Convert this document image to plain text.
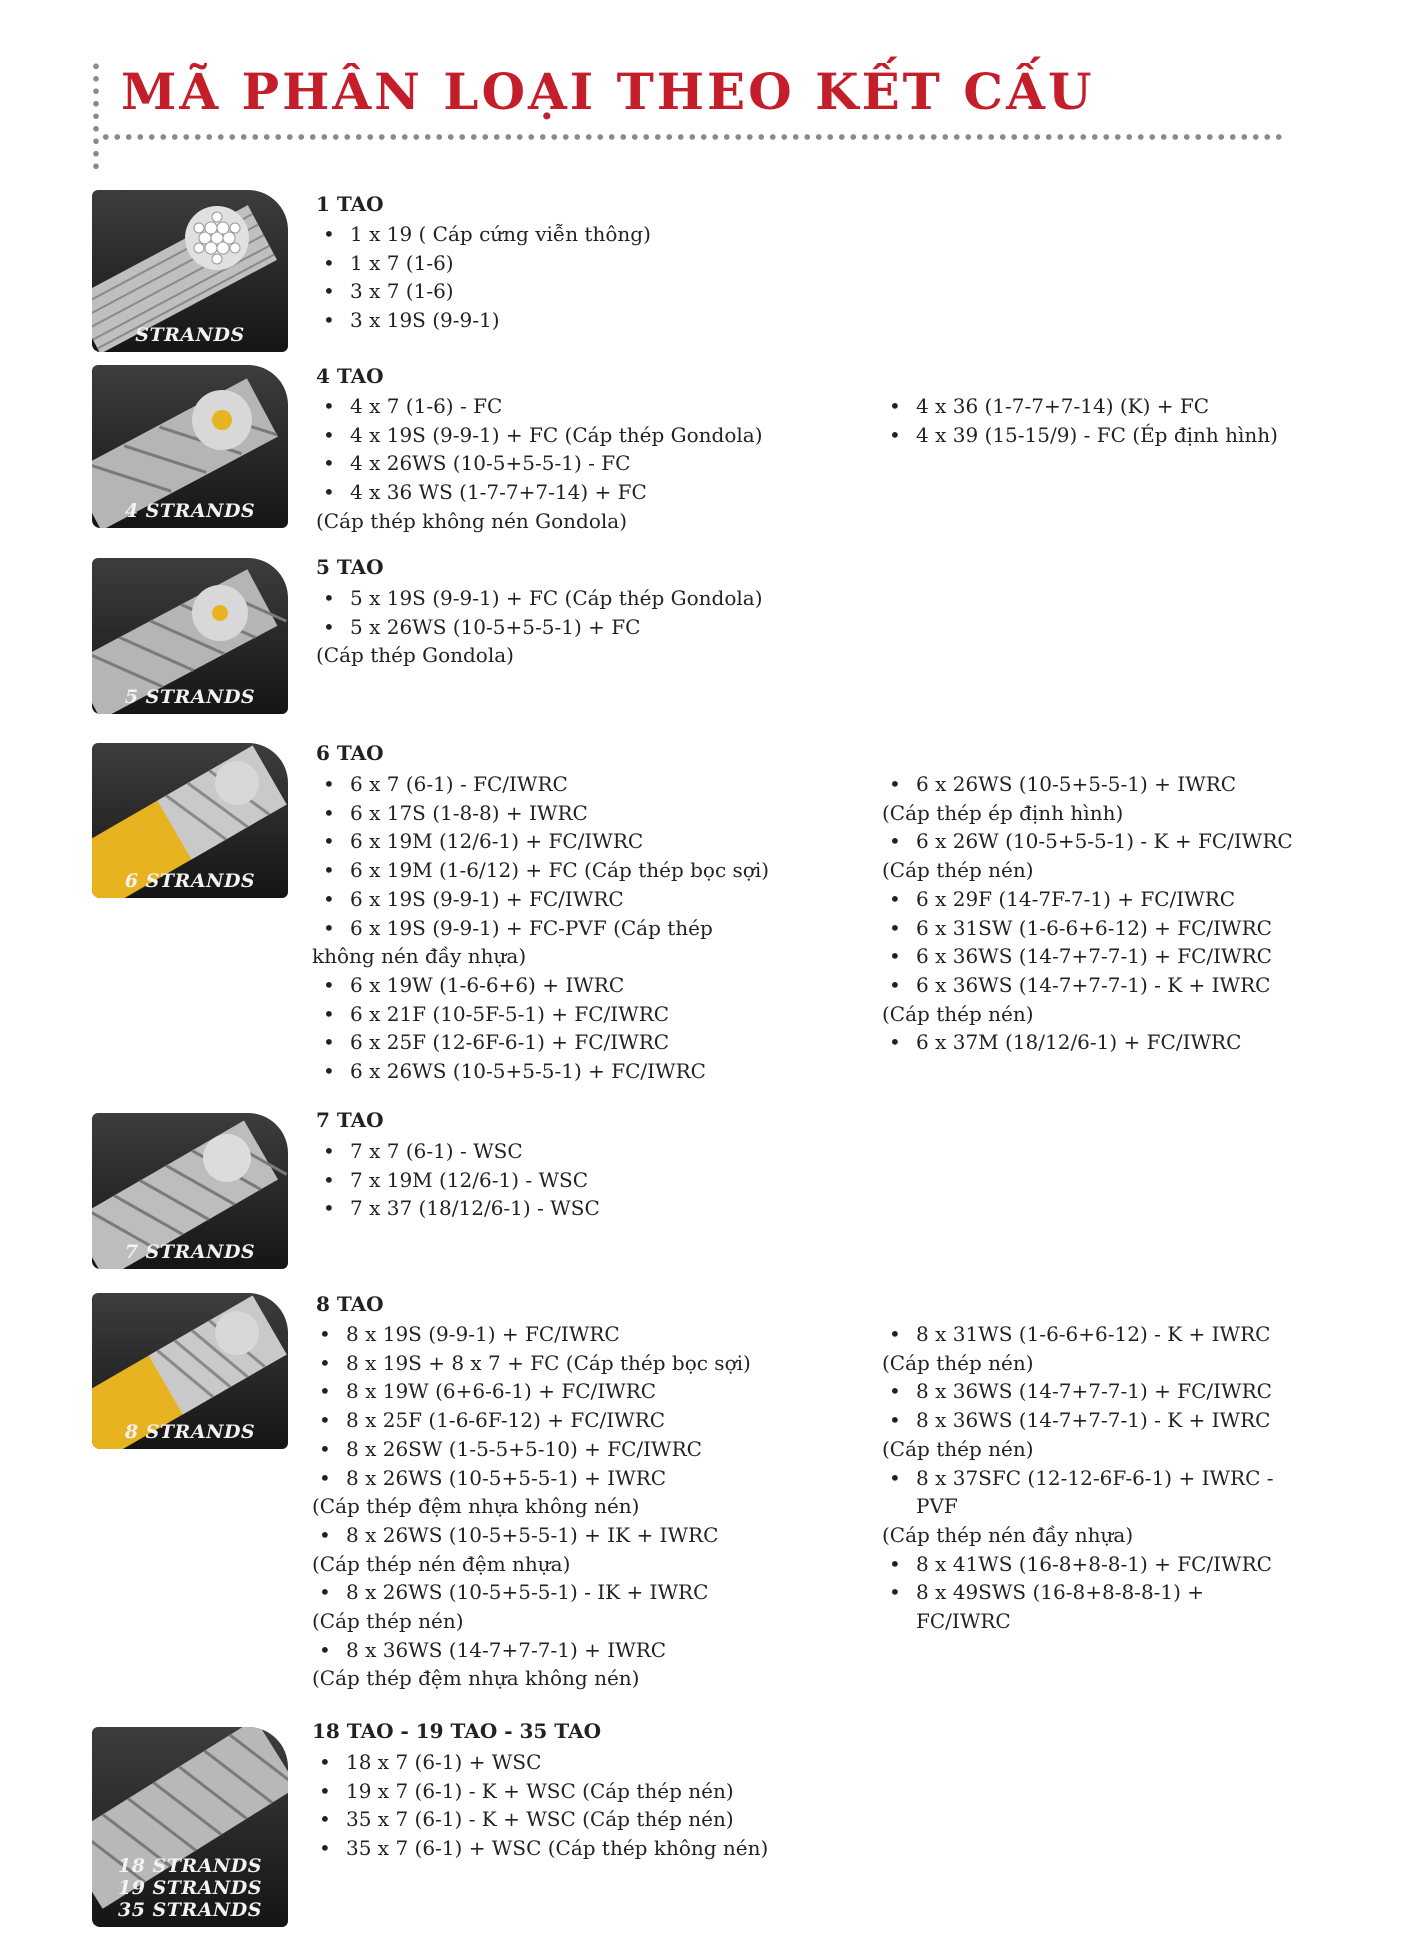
MÃ PHÂN LOẠI THEO KẾT CẤU
STRANDS
1 TAO
• 1 x 19 ( Cáp cứng viễn thông)
• 1 x 7 (1-6)
• 3 x 7 (1-6)
• 3 x 19S (9-9-1)
4 STRANDS
4 TAO
• 4 x 7 (1-6) - FC
• 4 x 19S (9-9-1) + FC (Cáp thép Gondola)
• 4 x 26WS (10-5+5-5-1) - FC
• 4 x 36 WS (1-7-7+7-14) + FC
(Cáp thép không nén Gondola)
• 4 x 36 (1-7-7+7-14) (K) + FC
• 4 x 39 (15-15/9) - FC (Ép định hình)
5 STRANDS
5 TAO
• 5 x 19S (9-9-1) + FC (Cáp thép Gondola)
• 5 x 26WS (10-5+5-5-1) + FC
(Cáp thép Gondola)
6 STRANDS
6 TAO
• 6 x 7 (6-1) - FC/IWRC
• 6 x 17S (1-8-8) + IWRC
• 6 x 19M (12/6-1) + FC/IWRC
• 6 x 19M (1-6/12) + FC (Cáp thép bọc sợi)
• 6 x 19S (9-9-1) + FC/IWRC
• 6 x 19S (9-9-1) + FC-PVF (Cáp thép
không nén đầy nhựa)
• 6 x 19W (1-6-6+6) + IWRC
• 6 x 21F (10-5F-5-1) + FC/IWRC
• 6 x 25F (12-6F-6-1) + FC/IWRC
• 6 x 26WS (10-5+5-5-1) + FC/IWRC
• 6 x 26WS (10-5+5-5-1) + IWRC
(Cáp thép ép định hình)
• 6 x 26W (10-5+5-5-1) - K + FC/IWRC
(Cáp thép nén)
• 6 x 29F (14-7F-7-1) + FC/IWRC
• 6 x 31SW (1-6-6+6-12) + FC/IWRC
• 6 x 36WS (14-7+7-7-1) + FC/IWRC
• 6 x 36WS (14-7+7-7-1) - K + IWRC
(Cáp thép nén)
• 6 x 37M (18/12/6-1) + FC/IWRC
7 STRANDS
7 TAO
• 7 x 7 (6-1) - WSC
• 7 x 19M (12/6-1) - WSC
• 7 x 37 (18/12/6-1) - WSC
8 STRANDS
8 TAO
• 8 x 19S (9-9-1) + FC/IWRC
• 8 x 19S + 8 x 7 + FC (Cáp thép bọc sợi)
• 8 x 19W (6+6-6-1) + FC/IWRC
• 8 x 25F (1-6-6F-12) + FC/IWRC
• 8 x 26SW (1-5-5+5-10) + FC/IWRC
• 8 x 26WS (10-5+5-5-1) + IWRC
(Cáp thép đệm nhựa không nén)
• 8 x 26WS (10-5+5-5-1) + IK + IWRC
(Cáp thép nén đệm nhựa)
• 8 x 26WS (10-5+5-5-1) - IK + IWRC
(Cáp thép nén)
• 8 x 36WS (14-7+7-7-1) + IWRC
(Cáp thép đệm nhựa không nén)
• 8 x 31WS (1-6-6+6-12) - K + IWRC
(Cáp thép nén)
• 8 x 36WS (14-7+7-7-1) + FC/IWRC
• 8 x 36WS (14-7+7-7-1) - K + IWRC
(Cáp thép nén)
• 8 x 37SFC (12-12-6F-6-1) + IWRC -
PVF
(Cáp thép nén đầy nhựa)
• 8 x 41WS (16-8+8-8-1) + FC/IWRC
• 8 x 49SWS (16-8+8-8-8-1) +
FC/IWRC
18 STRANDS
19 STRANDS
35 STRANDS
18 TAO - 19 TAO - 35 TAO
• 18 x 7 (6-1) + WSC
• 19 x 7 (6-1) - K + WSC (Cáp thép nén)
• 35 x 7 (6-1) - K + WSC (Cáp thép nén)
• 35 x 7 (6-1) + WSC (Cáp thép không nén)
